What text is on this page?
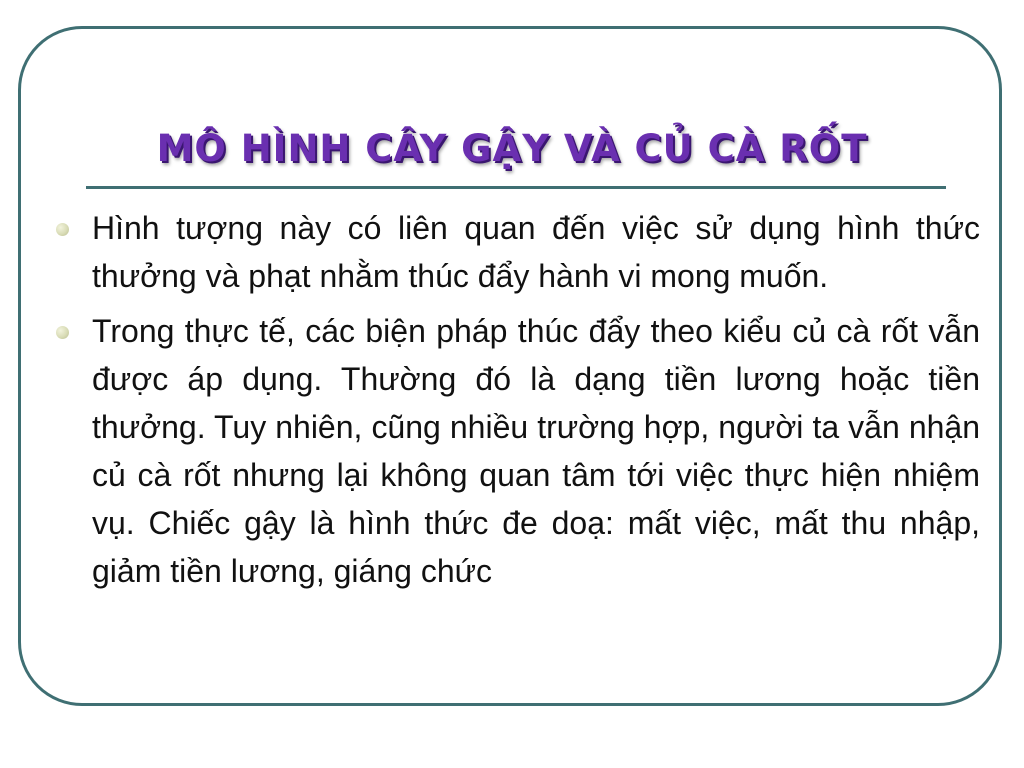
MÔ HÌNH CÂY GẬY VÀ CỦ CÀ RỐT
Hình tượng này có liên quan đến việc sử dụng hình thức thưởng và phạt nhằm thúc đẩy hành vi mong muốn.
Trong thực tế, các biện pháp thúc đẩy theo kiểu củ cà rốt vẫn được áp dụng. Thường đó là dạng tiền lương hoặc tiền thưởng. Tuy nhiên, cũng nhiều trường hợp, người ta vẫn nhận củ cà rốt nhưng lại không quan tâm tới việc thực hiện nhiệm vụ. Chiếc gậy là hình thức đe doạ: mất việc, mất thu nhập, giảm tiền lương, giáng chức
